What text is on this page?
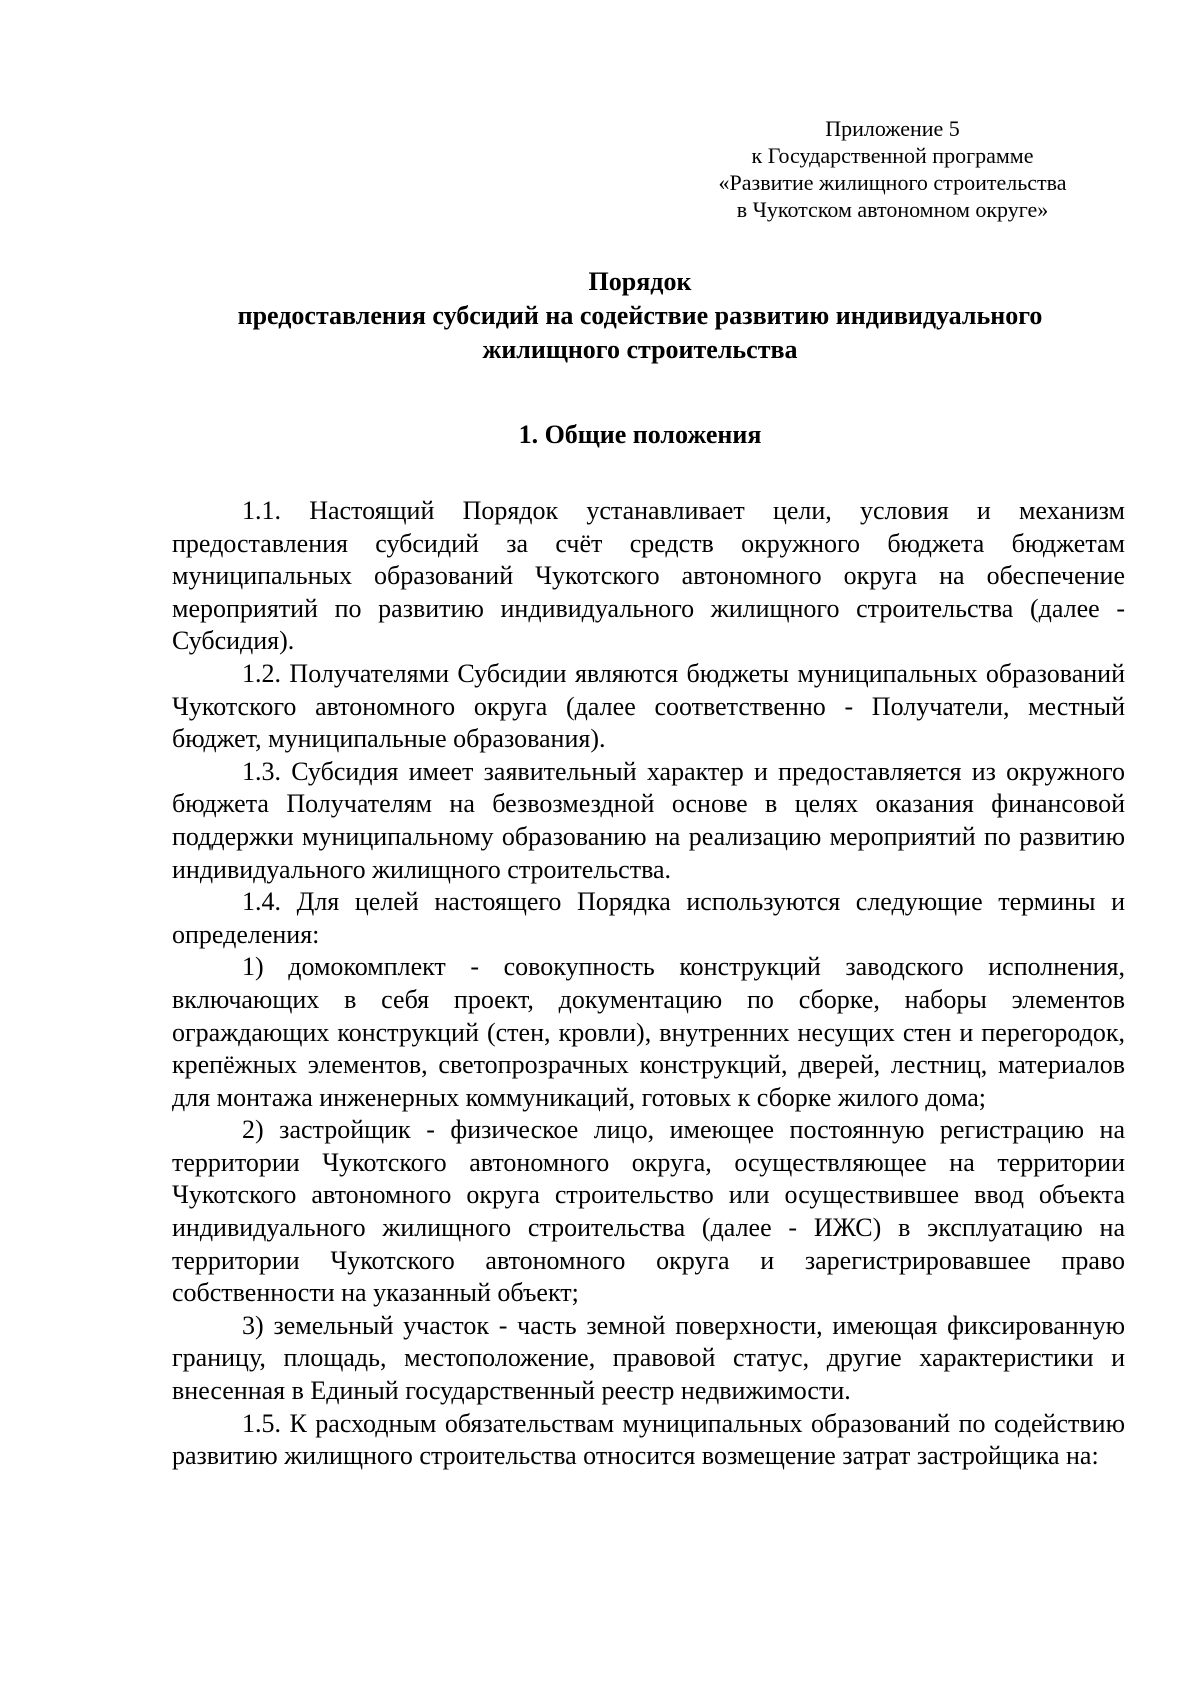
Приложение 5
к Государственной программе
«Развитие жилищного строительства
в Чукотском автономном округе»
Порядок
предоставления субсидий на содействие развитию индивидуального
жилищного строительства
1. Общие положения

1.1. Настоящий Порядок устанавливает цели, условия и механизм предоставления субсидий за счёт средств окружного бюджета бюджетам муниципальных образований Чукотского автономного округа на обеспечение мероприятий по развитию индивидуального жилищного строительства (далее - Субсидия).

1.2. Получателями Субсидии являются бюджеты муниципальных образований Чукотского автономного округа (далее соответственно - Получатели, местный бюджет, муниципальные образования).

1.3. Субсидия имеет заявительный характер и предоставляется из окружного бюджета Получателям на безвозмездной основе в целях оказания финансовой поддержки муниципальному образованию на реализацию мероприятий по развитию индивидуального жилищного строительства.

1.4. Для целей настоящего Порядка используются следующие термины и определения:

1) домокомплект - совокупность конструкций заводского исполнения, включающих в себя проект, документацию по сборке, наборы элементов ограждающих конструкций (стен, кровли), внутренних несущих стен и перегородок, крепёжных элементов, светопрозрачных конструкций, дверей, лестниц, материалов для монтажа инженерных коммуникаций, готовых к сборке жилого дома;

2) застройщик - физическое лицо, имеющее постоянную регистрацию на территории Чукотского автономного округа, осуществляющее на территории Чукотского автономного округа строительство или осуществившее ввод объекта индивидуального жилищного строительства (далее - ИЖС) в эксплуатацию на территории Чукотского автономного округа и зарегистрировавшее право собственности на указанный объект;

3) земельный участок - часть земной поверхности, имеющая фиксированную границу, площадь, местоположение, правовой статус, другие характеристики и внесенная в Единый государственный реестр недвижимости.

1.5. К расходным обязательствам муниципальных образований по содействию развитию жилищного строительства относится возмещение затрат застройщика на:
